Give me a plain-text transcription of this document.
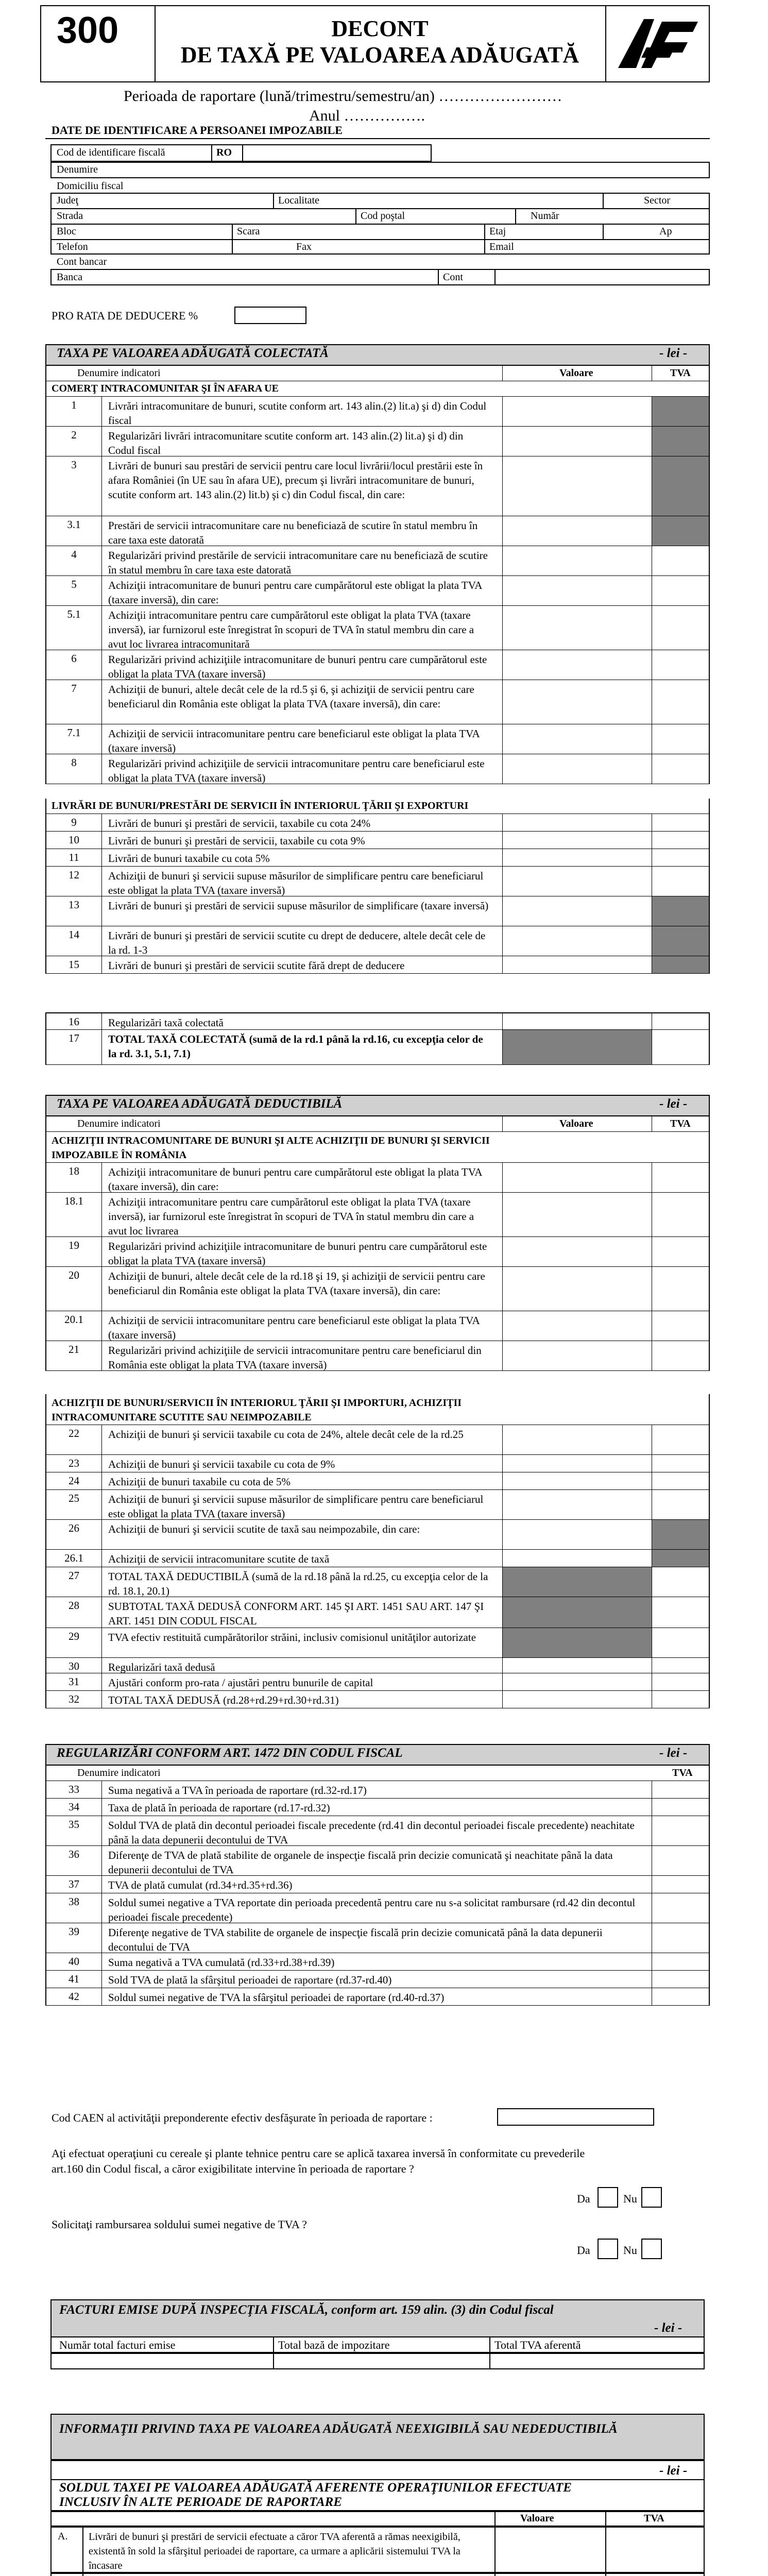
300	DECONT
DE TAXĂ PE VALOAREA ADĂUGATĂ
Perioada de raportare (lună/trimestru/semestru/an) ……………………
Anul …………….
DATE DE IDENTIFICARE A PERSOANEI IMPOZABILE
Cod de identificare fiscală	RO
Denumire
Domiciliu fiscal
Judeţ	Localitate	Sector
Strada	Cod poştal	Număr
Bloc	Scara	Etaj	Ap
Telefon	Fax	Email
Cont bancar
Banca	Cont
PRO RATA DE DEDUCERE %
TAXA PE VALOAREA ADĂUGATĂ COLECTATĂ	- lei -
Denumire indicatori	Valoare	TVA
COMERŢ INTRACOMUNITAR ŞI ÎN AFARA UE
1	Livrări intracomunitare de bunuri, scutite conform art. 143 alin.(2) lit.a) şi d) din Codul fiscal
2	Regularizări livrări intracomunitare scutite conform art. 143 alin.(2) lit.a) şi d) din Codul fiscal
3	Livrări de bunuri sau prestări de servicii pentru care locul livrării/locul prestării este în afara României (în UE sau în afara UE), precum şi livrări intracomunitare de bunuri, scutite conform art. 143 alin.(2) lit.b) şi c) din Codul fiscal, din care:
3.1	Prestări de servicii intracomunitare care nu beneficiază de scutire în statul membru în care taxa este datorată
4	Regularizări privind prestările de servicii intracomunitare care nu beneficiază de scutire în statul membru în care taxa este datorată
5	Achiziţii intracomunitare de bunuri pentru care cumpărătorul este obligat la plata TVA (taxare inversă), din care:
5.1	Achiziţii intracomunitare pentru care cumpărătorul este obligat la plata TVA (taxare inversă), iar furnizorul este înregistrat în scopuri de TVA în statul membru din care a avut loc livrarea intracomunitară
6	Regularizări privind achiziţiile intracomunitare de bunuri pentru care cumpărătorul este obligat la plata TVA (taxare inversă)
7	Achiziţii de bunuri, altele decât cele de la rd.5 şi 6, şi achiziţii de servicii pentru care beneficiarul din România este obligat la plata TVA (taxare inversă), din care:
7.1	Achiziţii de servicii intracomunitare pentru care beneficiarul este obligat la plata TVA (taxare inversă)
8	Regularizări privind achiziţiile de servicii intracomunitare pentru care beneficiarul este obligat la plata TVA (taxare inversă)
LIVRĂRI DE BUNURI/PRESTĂRI DE SERVICII ÎN INTERIORUL ŢĂRII ŞI EXPORTURI
9	Livrări de bunuri şi prestări de servicii, taxabile cu cota 24%
10	Livrări de bunuri şi prestări de servicii, taxabile cu cota 9%
11	Livrări de bunuri taxabile cu cota 5%
12	Achiziţii de bunuri şi servicii supuse măsurilor de simplificare pentru care beneficiarul este obligat la plata TVA (taxare inversă)
13	Livrări de bunuri şi prestări de servicii supuse măsurilor de simplificare (taxare inversă)
14	Livrări de bunuri şi prestări de servicii scutite cu drept de deducere, altele decât cele de la rd. 1-3
15	Livrări de bunuri şi prestări de servicii scutite fără drept de deducere
16	Regularizări taxă colectată
17	TOTAL TAXĂ COLECTATĂ (sumă de la rd.1 până la rd.16, cu excepţia celor de la rd. 3.1, 5.1, 7.1)
TAXA PE VALOAREA ADĂUGATĂ DEDUCTIBILĂ	- lei -
Denumire indicatori	Valoare	TVA
ACHIZIŢII INTRACOMUNITARE DE BUNURI ŞI ALTE ACHIZIŢII DE BUNURI ŞI SERVICII IMPOZABILE ÎN ROMÂNIA
18	Achiziţii intracomunitare de bunuri pentru care cumpărătorul este obligat la plata TVA (taxare inversă), din care:
18.1	Achiziţii intracomunitare pentru care cumpărătorul este obligat la plata TVA (taxare inversă), iar furnizorul este înregistrat în scopuri de TVA în statul membru din care a avut loc livrarea
19	Regularizări privind achiziţiile intracomunitare de bunuri pentru care cumpărătorul este obligat la plata TVA (taxare inversă)
20	Achiziţii de bunuri, altele decât cele de la rd.18 şi 19, şi achiziţii de servicii pentru care beneficiarul din România este obligat la plata TVA (taxare inversă), din care:
20.1	Achiziţii de servicii intracomunitare pentru care beneficiarul este obligat la plata TVA (taxare inversă)
21	Regularizări privind achiziţiile de servicii intracomunitare pentru care beneficiarul din România este obligat la plata TVA (taxare inversă)
ACHIZIŢII DE BUNURI/SERVICII ÎN INTERIORUL ŢĂRII ŞI IMPORTURI, ACHIZIŢII INTRACOMUNITARE SCUTITE SAU NEIMPOZABILE
22	Achiziţii de bunuri şi servicii taxabile cu cota de 24%, altele decât cele de la rd.25
23	Achiziţii de bunuri şi servicii taxabile cu cota de 9%
24	Achiziţii de bunuri taxabile cu cota de 5%
25	Achiziţii de bunuri şi servicii supuse măsurilor de simplificare pentru care beneficiarul este obligat la plata TVA (taxare inversă)
26	Achiziţii de bunuri şi servicii scutite de taxă sau neimpozabile, din care:
26.1	Achiziţii de servicii intracomunitare scutite de taxă
27	TOTAL TAXĂ DEDUCTIBILĂ (sumă de la rd.18 până la rd.25, cu excepţia celor de la rd. 18.1, 20.1)
28	SUBTOTAL TAXĂ DEDUSĂ CONFORM ART. 145 ŞI ART. 1451 SAU ART. 147 ŞI ART. 1451 DIN CODUL FISCAL
29	TVA efectiv restituită cumpărătorilor străini, inclusiv comisionul unităţilor autorizate
30	Regularizări taxă dedusă
31	Ajustări conform pro-rata / ajustări pentru bunurile de capital
32	TOTAL TAXĂ DEDUSĂ (rd.28+rd.29+rd.30+rd.31)
REGULARIZĂRI CONFORM ART. 1472 DIN CODUL FISCAL	- lei -
Denumire indicatori	TVA
33	Suma negativă a TVA în perioada de raportare (rd.32-rd.17)
34	Taxa de plată în perioada de raportare (rd.17-rd.32)
35	Soldul TVA de plată din decontul perioadei fiscale precedente (rd.41 din decontul perioadei fiscale precedente) neachitate până la data depunerii decontului de TVA
36	Diferenţe de TVA de plată stabilite de organele de inspecţie fiscală prin decizie comunicată şi neachitate până la data depunerii decontului de TVA
37	TVA de plată cumulat (rd.34+rd.35+rd.36)
38	Soldul sumei negative a TVA reportate din perioada precedentă pentru care nu s-a solicitat rambursare (rd.42 din decontul perioadei fiscale precedente)
39	Diferenţe negative de TVA stabilite de organele de inspecţie fiscală prin decizie comunicată până la data depunerii decontului de TVA
40	Suma negativă a TVA cumulată (rd.33+rd.38+rd.39)
41	Sold TVA de plată la sfârşitul perioadei de raportare (rd.37-rd.40)
42	Soldul sumei negative de TVA la sfârşitul perioadei de raportare (rd.40-rd.37)
Cod CAEN al activităţii preponderente efectiv desfăşurate în perioada de raportare :
Aţi efectuat operaţiuni cu cereale şi plante tehnice pentru care se aplică taxarea inversă în conformitate cu prevederile art.160 din Codul fiscal, a căror exigibilitate intervine în perioada de raportare ?
Da	Nu
Solicitaţi rambursarea soldului sumei negative de TVA ?
Da	Nu
FACTURI EMISE DUPĂ INSPECŢIA FISCALĂ, conform art. 159 alin. (3) din Codul fiscal
- lei -
Număr total facturi emise	Total bază de impozitare	Total TVA aferentă
INFORMAŢII PRIVIND TAXA PE VALOAREA ADĂUGATĂ NEEXIGIBILĂ SAU NEDEDUCTIBILĂ
- lei -
SOLDUL TAXEI PE VALOAREA ADĂUGATĂ AFERENTE OPERAŢIUNILOR EFECTUATE INCLUSIV ÎN ALTE PERIOADE DE RAPORTARE
Valoare	TVA
A. Livrări de bunuri şi prestări de servicii efectuate a căror TVA aferentă a rămas neexigibilă, existentă în sold la sfârşitul perioadei de raportare, ca urmare a aplicării sistemului TVA la încasare
